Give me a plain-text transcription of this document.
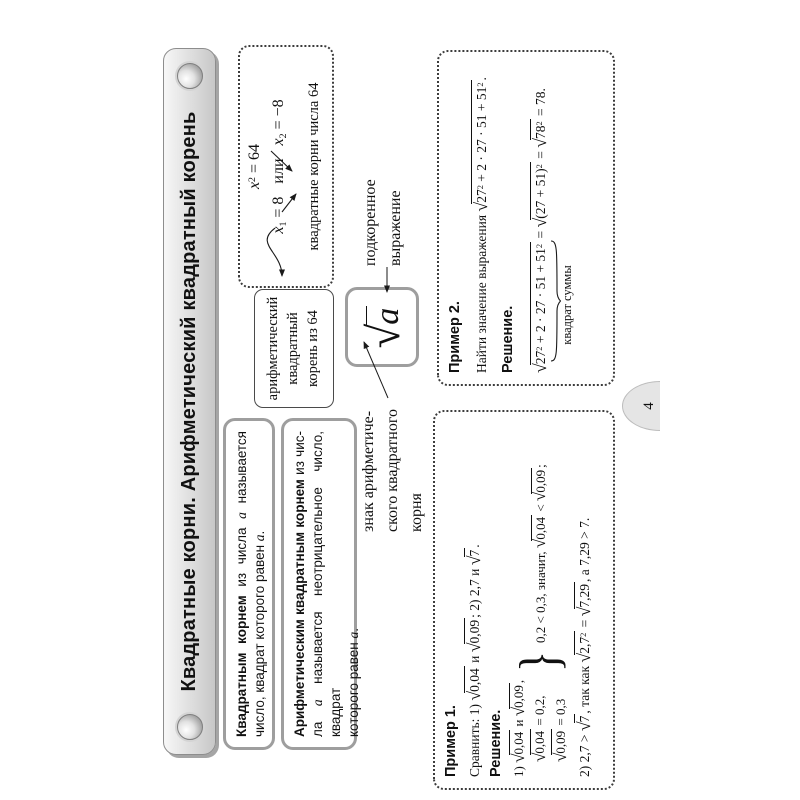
Квадратные корни. Арифметический квадратный корень	Квадратным корнем из числа a называется
число, квадрат которого равен a. Арифметическим квадратным корнем из чис-
ла a называется неотрицательное число, квадрат которого равен a.
$x^2 = 64$
x1 = 8илиx2 = −8	квадратные корни числа 64
арифметический квадратный корень из 64 √a
подкоренное выражение
знак арифметиче- ского квадратного корня
Пример 1. Сравнить: 1) √0,04 и √0,09; 2) 2,7 и √7.
Решение. 1) √0,04 и √0,09,
√0,04 = 0,2,
√0,09 = 0,3
}
0,2 < 0,3, значит, √0,04 < √0,09;
2) 2,7 > √7, так как $√2,7^2 = √7,29$, а 7,29 > 7.
Пример 2. Найти значение выражения $√27^2 + 2 \cdot 27 \cdot 51 + 51^2$.
Решение. $√27^2 + 2 \cdot 27 \cdot 51 + 51^2 = √(27 + 51)^2 = √78^2 = 78$.
квадрат суммы
4
